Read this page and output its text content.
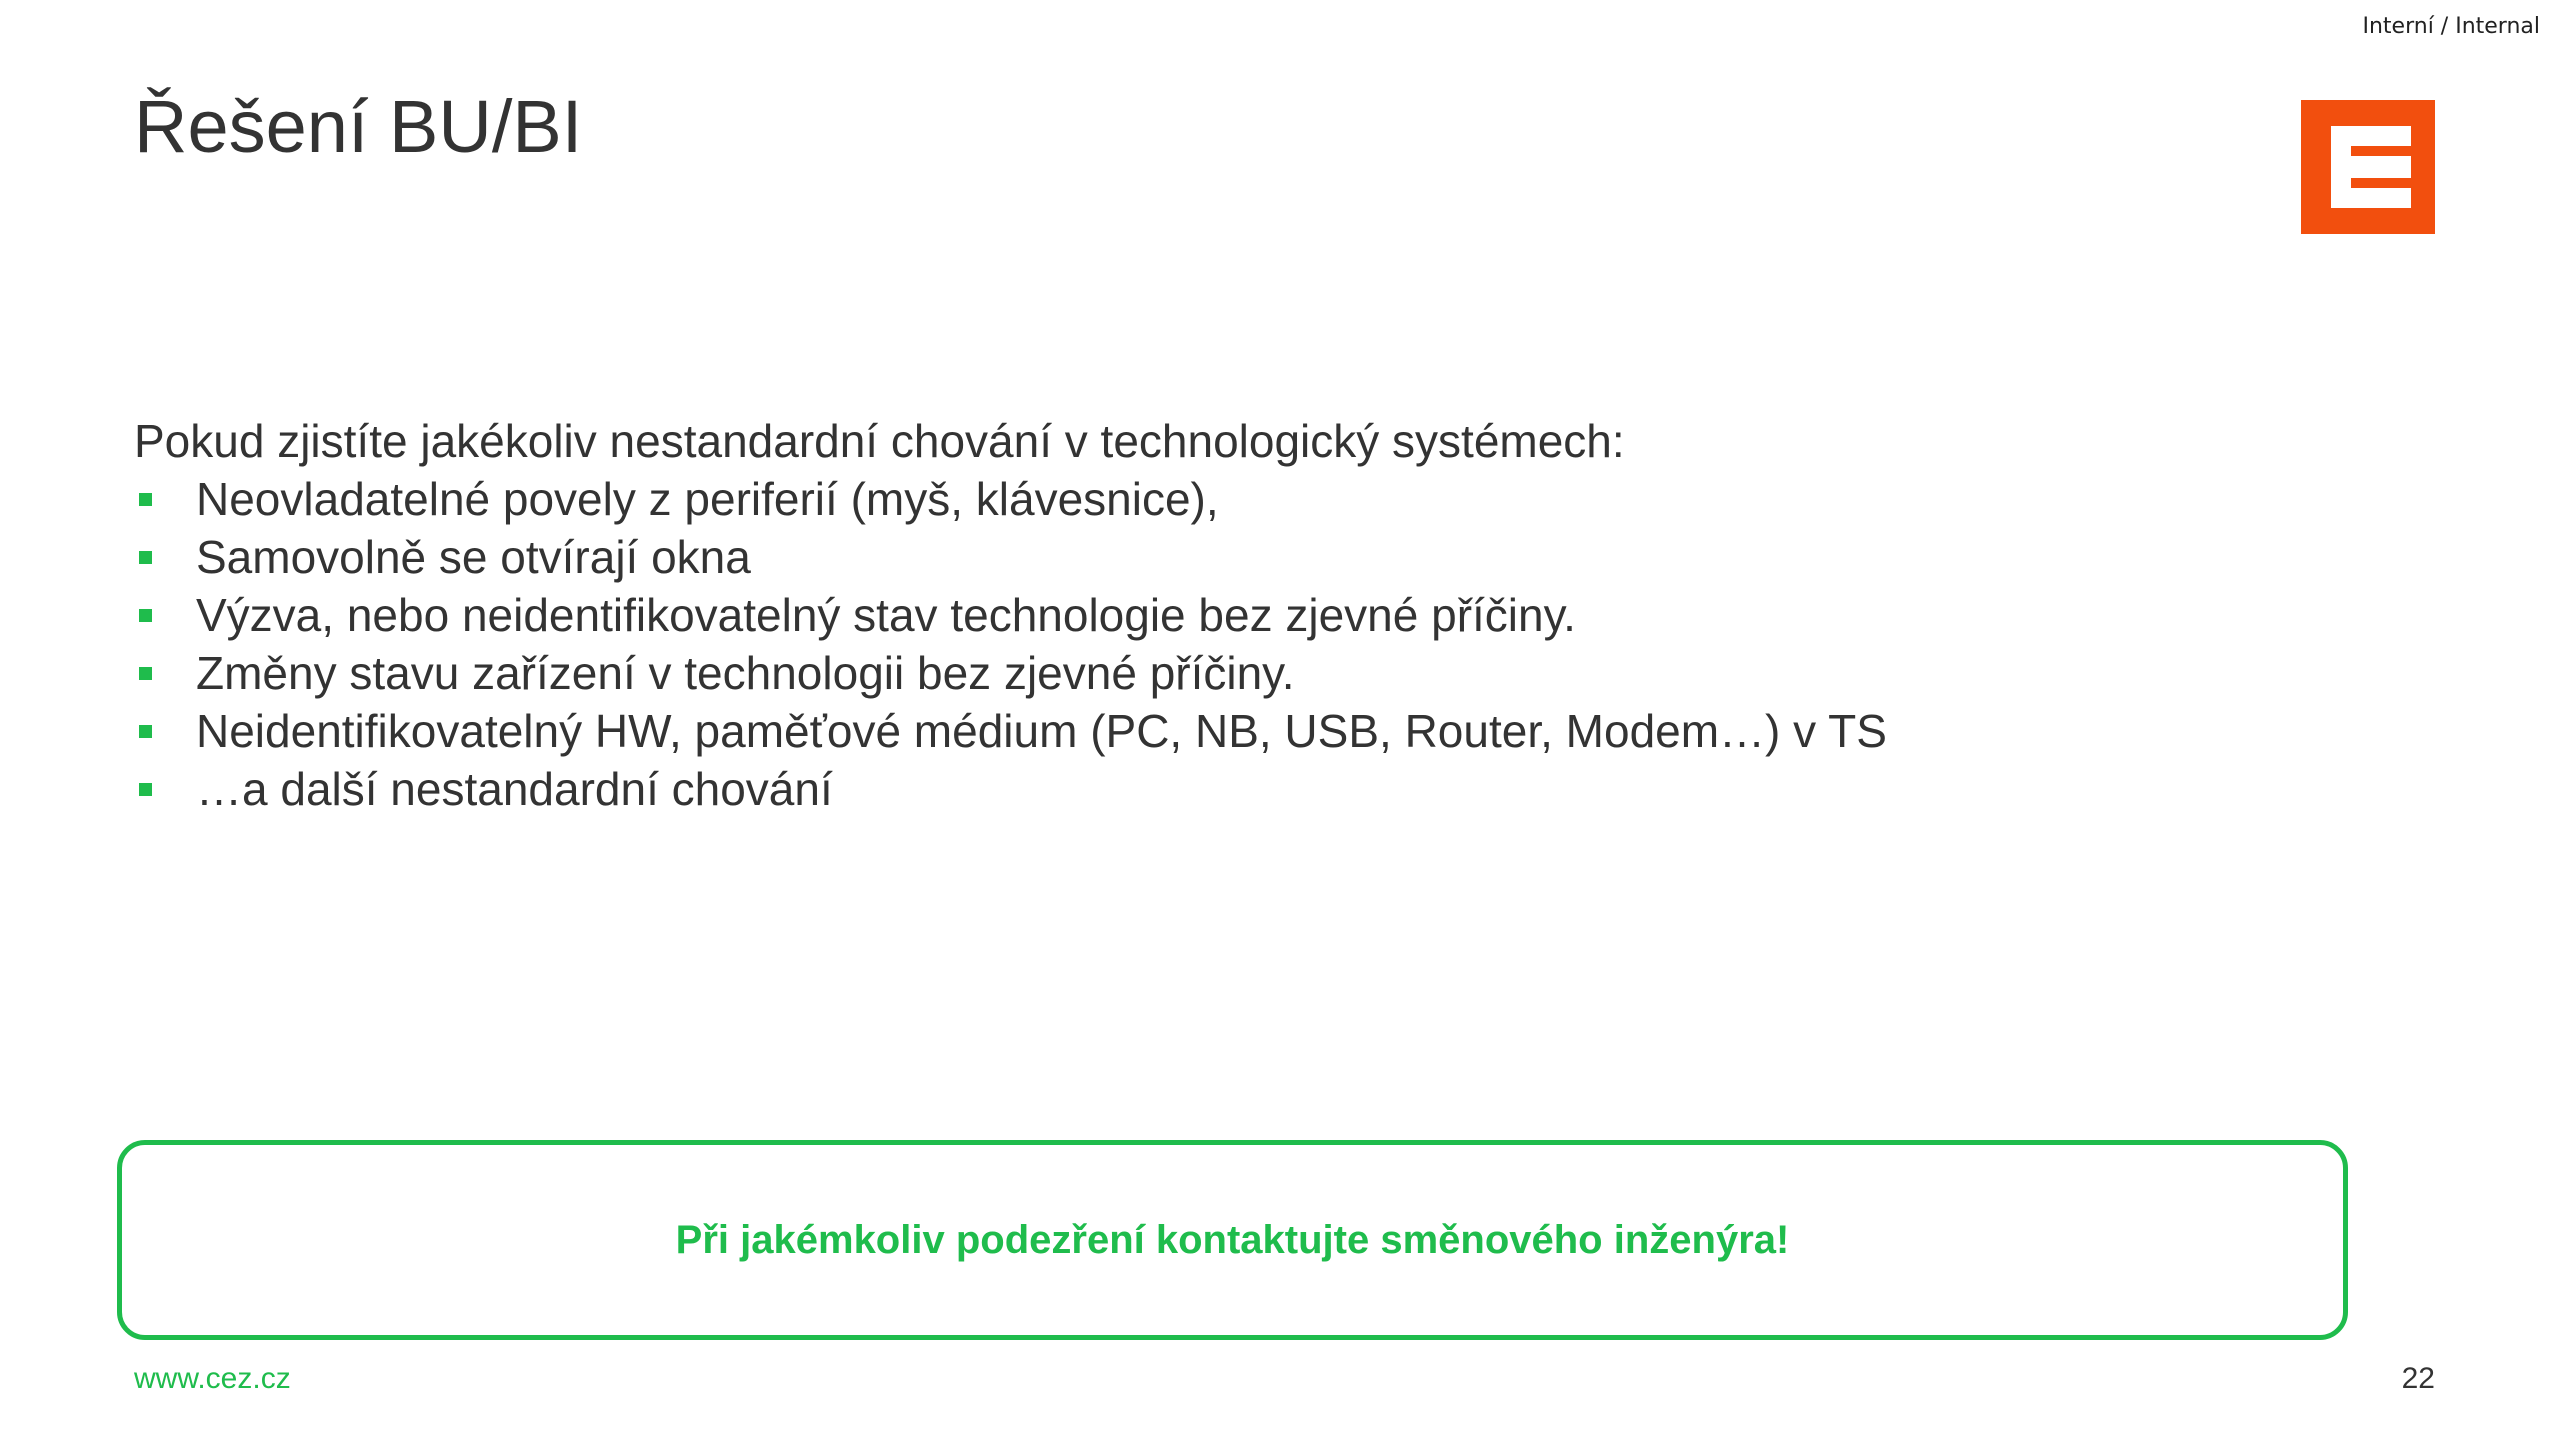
Interní / Internal
Řešení BU/BI

Pokud zjistíte jakékoliv nestandardní chování v technologický systémech:

Neovladatelné povely z periferií (myš, klávesnice),
Samovolně se otvírají okna
Výzva, nebo neidentifikovatelný stav technologie bez zjevné příčiny.
Změny stavu zařízení v technologii bez zjevné příčiny.
Neidentifikovatelný HW, paměťové médium (PC, NB, USB, Router, Modem…) v TS
…a další nestandardní chování
Při jakémkoliv podezření kontaktujte směnového inženýra!
www.cez.cz	22
